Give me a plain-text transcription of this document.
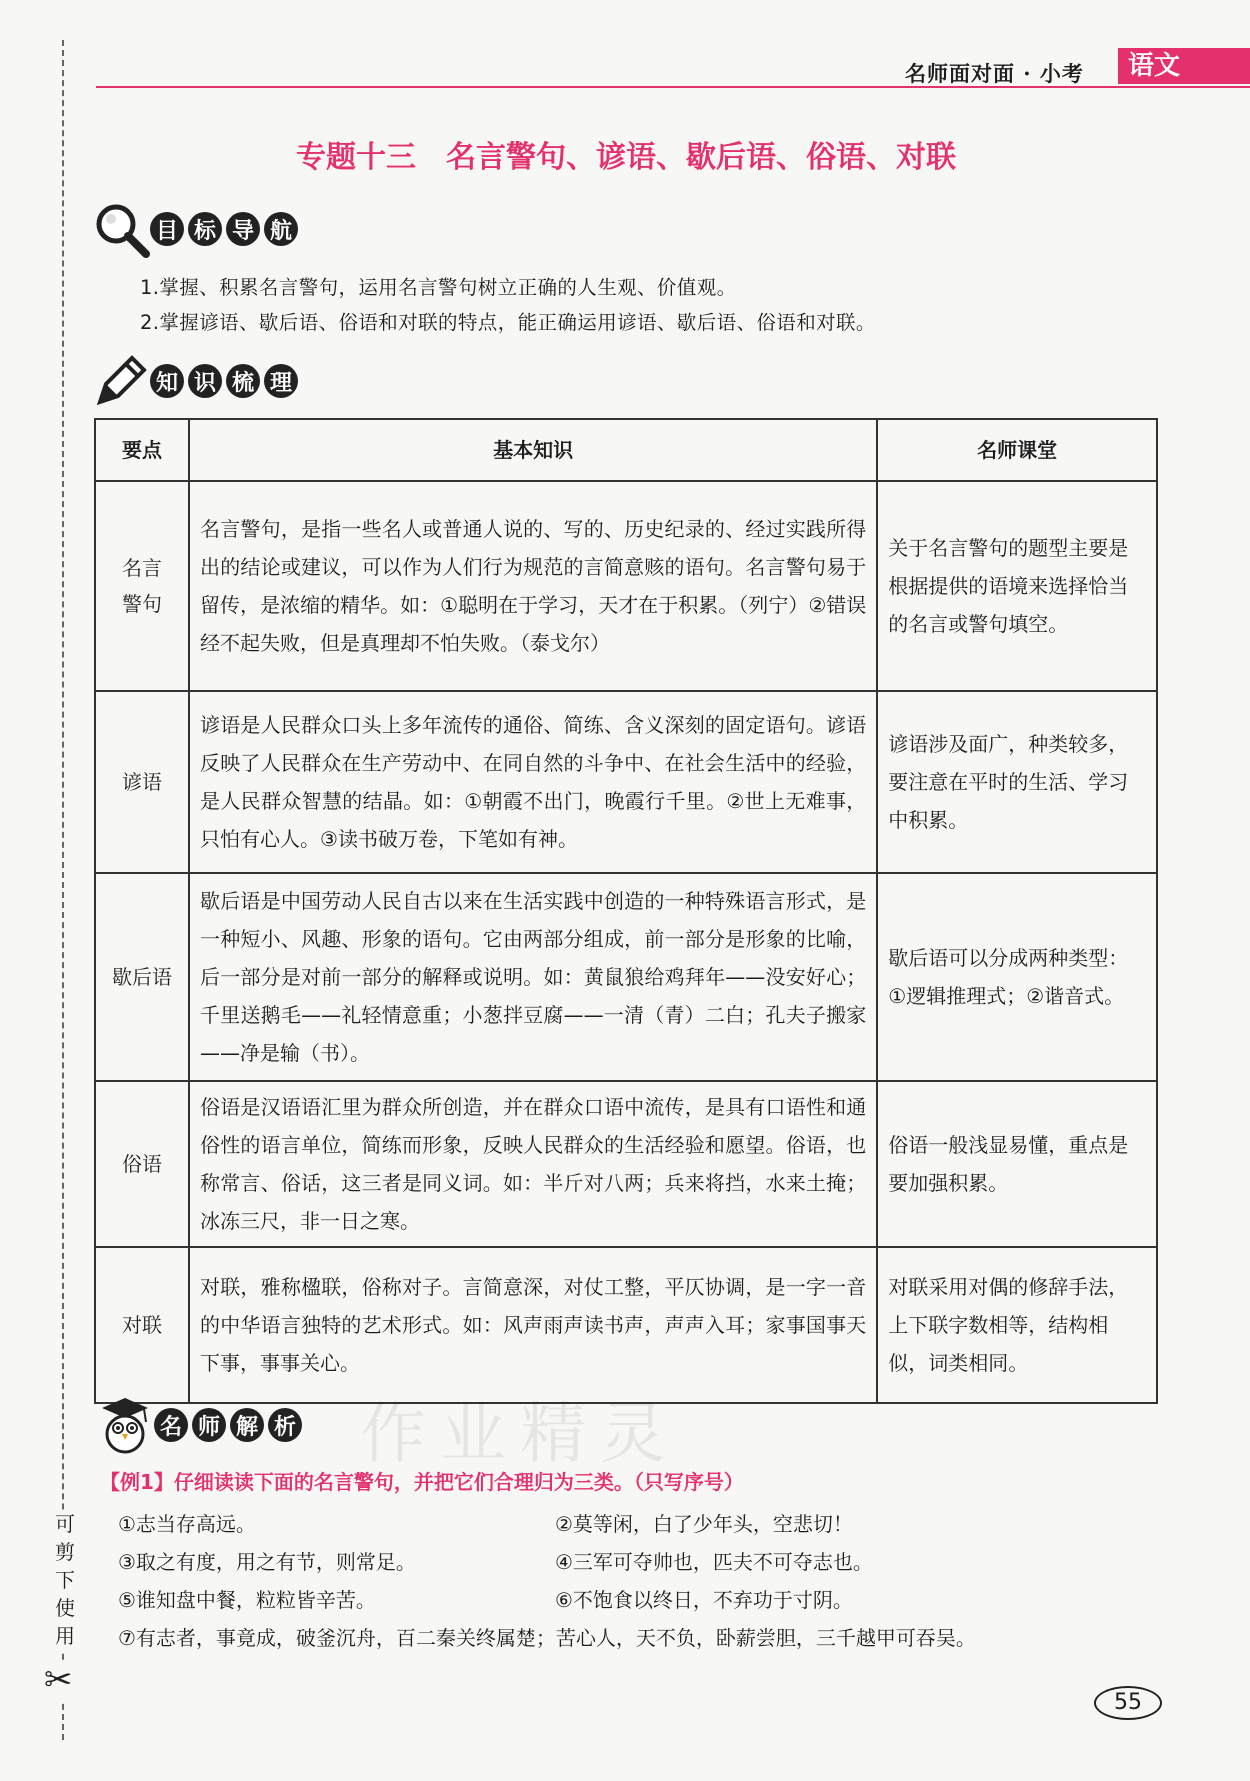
可
剪
下
使
用
✂
名师面对面 · 小考	语文
专题十三　名言警句、谚语、歇后语、俗语、对联
目 标 导 航
1.掌握、积累名言警句，运用名言警句树立正确的人生观、价值观。
2.掌握谚语、歇后语、俗语和对联的特点，能正确运用谚语、歇后语、俗语和对联。
知 识 梳 理
要点	基本知识	名师课堂

名言
警句	名言警句，是指一些名人或普通人说的、写的、历史纪录的、经过实践所得出的结论或建议，可以作为人们行为规范的言简意赅的语句。名言警句易于留传，是浓缩的精华。如：①聪明在于学习，天才在于积累。（列宁）②错误经不起失败，但是真理却不怕失败。（泰戈尔）	关于名言警句的题型主要是根据提供的语境来选择恰当的名言或警句填空。

谚语	谚语是人民群众口头上多年流传的通俗、简练、含义深刻的固定语句。谚语反映了人民群众在生产劳动中、在同自然的斗争中、在社会生活中的经验，是人民群众智慧的结晶。如：①朝霞不出门，晚霞行千里。②世上无难事，只怕有心人。③读书破万卷，下笔如有神。	谚语涉及面广，种类较多，要注意在平时的生活、学习中积累。

歇后语	歇后语是中国劳动人民自古以来在生活实践中创造的一种特殊语言形式，是一种短小、风趣、形象的语句。它由两部分组成，前一部分是形象的比喻，后一部分是对前一部分的解释或说明。如：黄鼠狼给鸡拜年——没安好心；千里送鹅毛——礼轻情意重；小葱拌豆腐——一清（青）二白；孔夫子搬家——净是输（书）。	歇后语可以分成两种类型：①逻辑推理式；②谐音式。

俗语	俗语是汉语语汇里为群众所创造，并在群众口语中流传，是具有口语性和通俗性的语言单位，简练而形象，反映人民群众的生活经验和愿望。俗语，也称常言、俗话，这三者是同义词。如：半斤对八两；兵来将挡，水来土掩；冰冻三尺，非一日之寒。	俗语一般浅显易懂，重点是要加强积累。

对联	对联，雅称楹联，俗称对子。言简意深，对仗工整，平仄协调，是一字一音的中华语言独特的艺术形式。如：风声雨声读书声，声声入耳；家事国事天下事，事事关心。	对联采用对偶的修辞手法，上下联字数相等，结构相似，词类相同。
名 师 解 析 作业精灵
【例1】仔细读读下面的名言警句，并把它们合理归为三类。（只写序号）
①志当存高远。	②莫等闲，白了少年头，空悲切！
③取之有度，用之有节，则常足。	④三军可夺帅也，匹夫不可夺志也。
⑤谁知盘中餐，粒粒皆辛苦。	⑥不饱食以终日，不弃功于寸阴。
⑦有志者，事竟成，破釜沉舟，百二秦关终属楚；苦心人，天不负，卧薪尝胆，三千越甲可吞吴。
55
